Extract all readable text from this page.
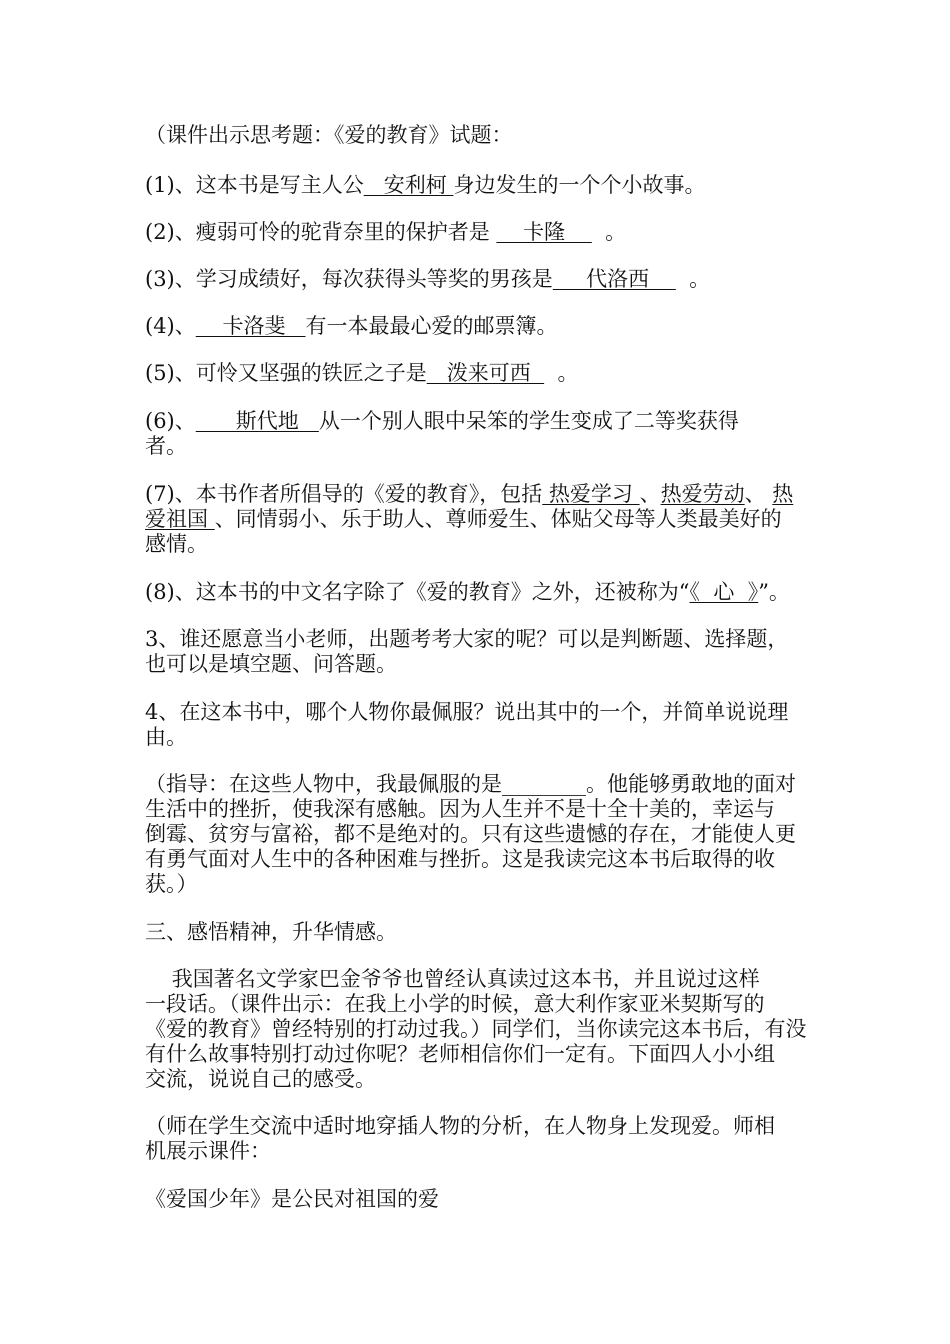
（课件出示思考题：《爱的教育》试题：
(1)、这本书是写主人公   安利柯 身边发生的一个个小故事。
(2)、瘦弱可怜的驼背奈里的保护者是     卡隆      。
(3)、学习成绩好，每次获得头等奖的男孩是     代洛西      。
(4)、    卡洛斐   有一本最最心爱的邮票簿。
(5)、可怜又坚强的铁匠之子是   泼来可西    。
(6)、      斯代地   从一个别人眼中呆笨的学生变成了二等奖获得
者。
(7)、本书作者所倡导的《爱的教育》，包括 热爱学习 、热爱劳动、 热
爱祖国 、同情弱小、乐于助人、尊师爱生、体贴父母等人类最美好的
感情。
(8)、这本书的中文名字除了《爱的教育》之外，还被称为“《  心  》”。
3、谁还愿意当小老师，出题考考大家的呢？可以是判断题、选择题，
也可以是填空题、问答题。
4、在这本书中，哪个人物你最佩服？说出其中的一个，并简单说说理
由。
（指导：在这些人物中，我最佩服的是________。他能够勇敢地的面对
生活中的挫折，使我深有感触。因为人生并不是十全十美的，幸运与
倒霉、贫穷与富裕，都不是绝对的。只有这些遗憾的存在，才能使人更
有勇气面对人生中的各种困难与挫折。这是我读完这本书后取得的收
获。）
三、感悟精神，升华情感。
我国著名文学家巴金爷爷也曾经认真读过这本书，并且说过这样
一段话。（课件出示：在我上小学的时候，意大利作家亚米契斯写的
《爱的教育》曾经特别的打动过我。）同学们，当你读完这本书后，有没
有什么故事特别打动过你呢？老师相信你们一定有。下面四人小小组
交流，说说自己的感受。
（师在学生交流中适时地穿插人物的分析，在人物身上发现爱。师相
机展示课件：
《爱国少年》是公民对祖国的爱
